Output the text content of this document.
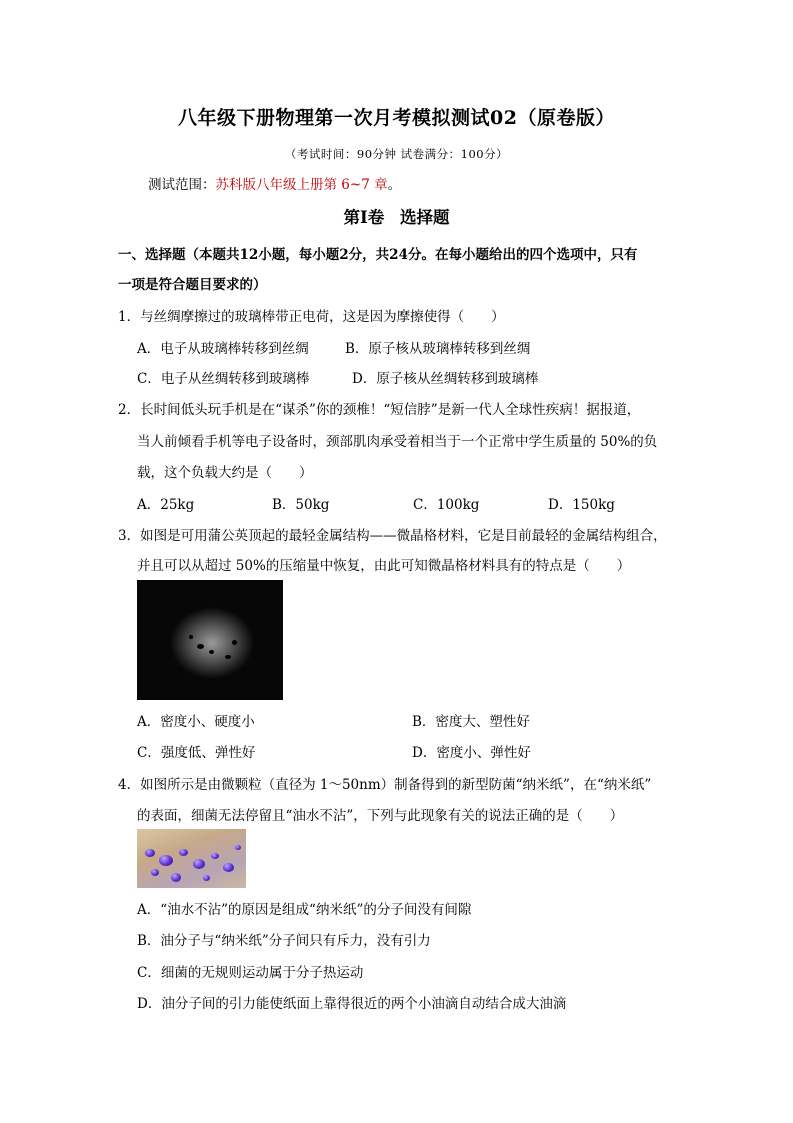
八年级下册物理第一次月考模拟测试02（原卷版）
（考试时间：90分钟 试卷满分：100分）
测试范围：苏科版八年级上册第 6~7 章。
第Ⅰ卷 选择题
一、选择题（本题共12小题，每小题2分，共24分。在每小题给出的四个选项中，只有
一项是符合题目要求的）
1．与丝绸摩擦过的玻璃棒带正电荷，这是因为摩擦使得（　　）
A．电子从玻璃棒转移到丝绸	B．原子核从玻璃棒转移到丝绸
C．电子从丝绸转移到玻璃棒	D．原子核从丝绸转移到玻璃棒
2．长时间低头玩手机是在“谋杀”你的颈椎！“短信脖”是新一代人全球性疾病！据报道，
当人前倾看手机等电子设备时，颈部肌肉承受着相当于一个正常中学生质量的 50%的负
载，这个负载大约是（　　）
A．25kg	B．50kg	C．100kg	D．150kg
3．如图是可用蒲公英顶起的最轻金属结构——微晶格材料，它是目前最轻的金属结构组合，
并且可以从超过 50%的压缩量中恢复，由此可知微晶格材料具有的特点是（　　）
A．密度小、硬度小	B．密度大、塑性好
C．强度低、弹性好	D．密度小、弹性好
4．如图所示是由微颗粒（直径为 1～50nm）制备得到的新型防菌“纳米纸”，在“纳米纸”
的表面，细菌无法停留且“油水不沾”，下列与此现象有关的说法正确的是（　　）
A．“油水不沾”的原因是组成“纳米纸”的分子间没有间隙
B．油分子与“纳米纸”分子间只有斥力，没有引力
C．细菌的无规则运动属于分子热运动
D．油分子间的引力能使纸面上靠得很近的两个小油滴自动结合成大油滴
